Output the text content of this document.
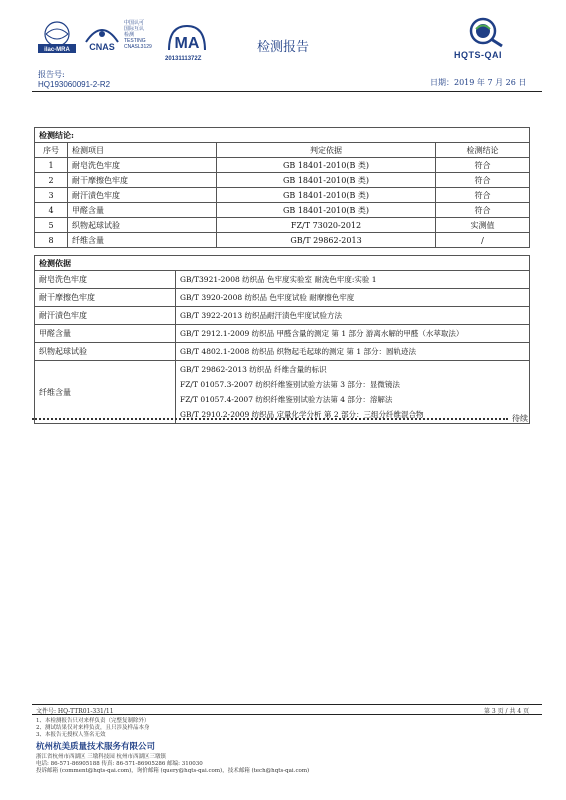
ilac-MRA CNAS
中国认可
国际互认
检测
TESTING
CNASL3129 MA
2013111372Z
检测报告	HQTS-QAI
报告号:
HQ193060091-2-R2	日期：2019 年 7 月 26 日
检测结论:			
序号	检测项目	判定依据	检测结论
1	耐皂洗色牢度	GB 18401-2010(B 类)	符合
2	耐干摩擦色牢度	GB 18401-2010(B 类)	符合
3	耐汗渍色牢度	GB 18401-2010(B 类)	符合
4	甲醛含量	GB 18401-2010(B 类)	符合
5	织物起球试验	FZ/T 73020-2012	实测值
8	纤维含量	GB/T 29862-2013	/
检测依据	
耐皂洗色牢度	GB/T3921-2008 纺织品 色牢度实验室 耐洗色牢度:实验 1
耐干摩擦色牢度	GB/T 3920-2008 纺织品 色牢度试验 耐摩擦色牢度
耐汗渍色牢度	GB/T 3922-2013 纺织品耐汗渍色牢度试验方法
甲醛含量	GB/T 2912.1-2009 纺织品 甲醛含量的测定 第 1 部分 游离水解的甲醛（水萃取法）
织物起球试验	GB/T 4802.1-2008 纺织品 织物起毛起球的测定 第 1 部分：圆轨迹法
纤维含量	GB/T 29862-2013 纺织品 纤维含量的标识
FZ/T 01057.3-2007 纺织纤维鉴别试验方法第 3 部分：显微镜法
FZ/T 01057.4-2007 纺织纤维鉴别试验方法第 4 部分：溶解法
GB/T 2910.2-2009 纺织品 定量化学分析 第 2 部分：三组分纤维混合物	待续
文件号: HQ-TTR01-331/11	第 3 页 / 共 4 页
1、本检测报告只对来样负责（完整复制除外）
2、测试结果仅对来样负责，且只涉及样品本身
3、本报告无授权人签名无效
杭州杭美质量技术服务有限公司
浙江省杭州市西湖区 三墩科技园 杭州市西湖区三墩镇
电话: 86-571-86905188 传真: 86-571-86905286 邮编: 310030
投诉邮箱 (comment@hqts-qai.com)，询价邮箱 (query@hqts-qai.com)，技术邮箱 (tech@hqts-qai.com)
